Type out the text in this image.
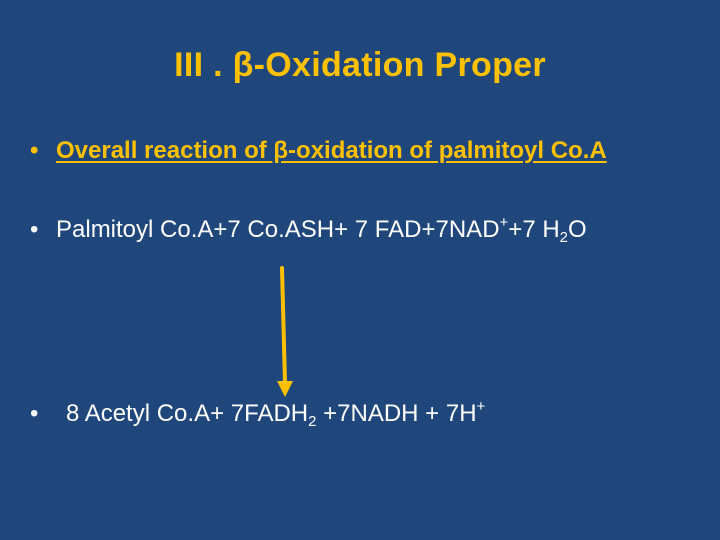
III . β-Oxidation Proper
• Overall reaction of β-oxidation of palmitoyl Co.A
• Palmitoyl Co.A+7 Co.ASH+ 7 FAD+7NAD++7 $H_2O$
• 8 Acetyl $Co.A+ 7FADH_2$ +7NADH + 7H+
